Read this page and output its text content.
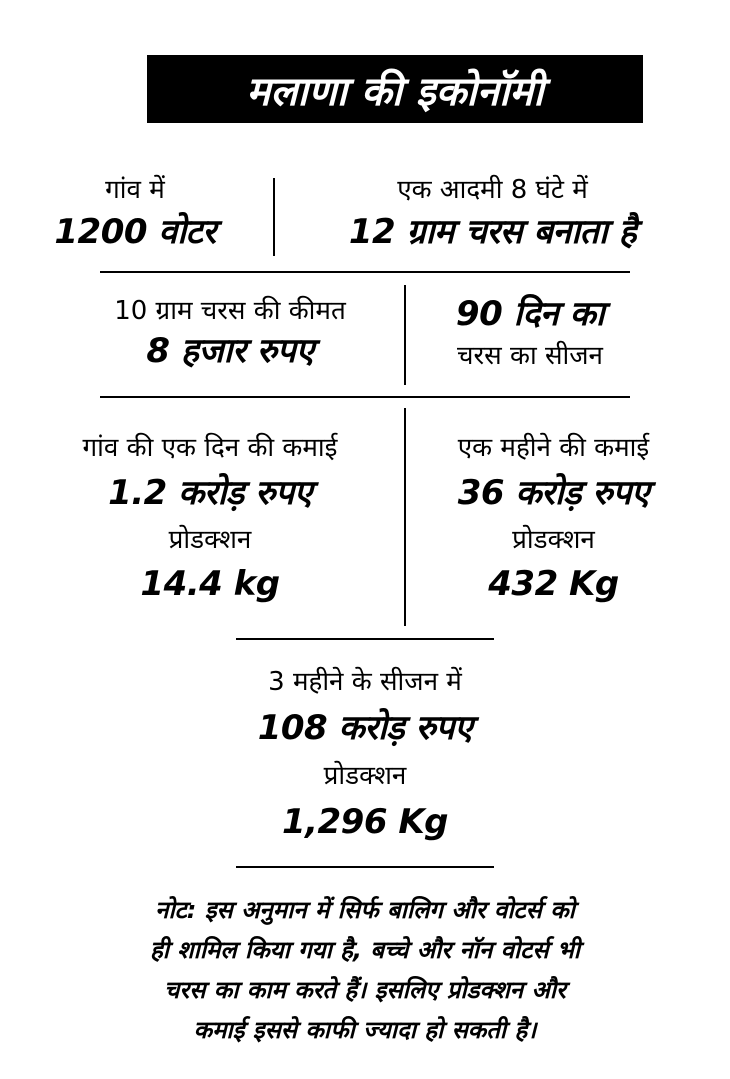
मलाणा की इकोनॉमी
गांव में
1200 वोटर
एक आदमी 8 घंटे में
12 ग्राम चरस बनाता है
10 ग्राम चरस की कीमत
8 हजार रुपए
90 दिन का
चरस का सीजन
गांव की एक दिन की कमाई
1.2 करोड़ रुपए
प्रोडक्शन
14.4 kg
एक महीने की कमाई
36 करोड़ रुपए
प्रोडक्शन
432 Kg
3 महीने के सीजन में
108 करोड़ रुपए
प्रोडक्शन
1,296 Kg

नोट: इस अनुमान में सिर्फ बालिग और वोटर्स को

ही शामिल किया गया है, बच्चे और नॉन वोटर्स भी

चरस का काम करते हैं। इसलिए प्रोडक्शन और

कमाई इससे काफी ज्यादा हो सकती है।
